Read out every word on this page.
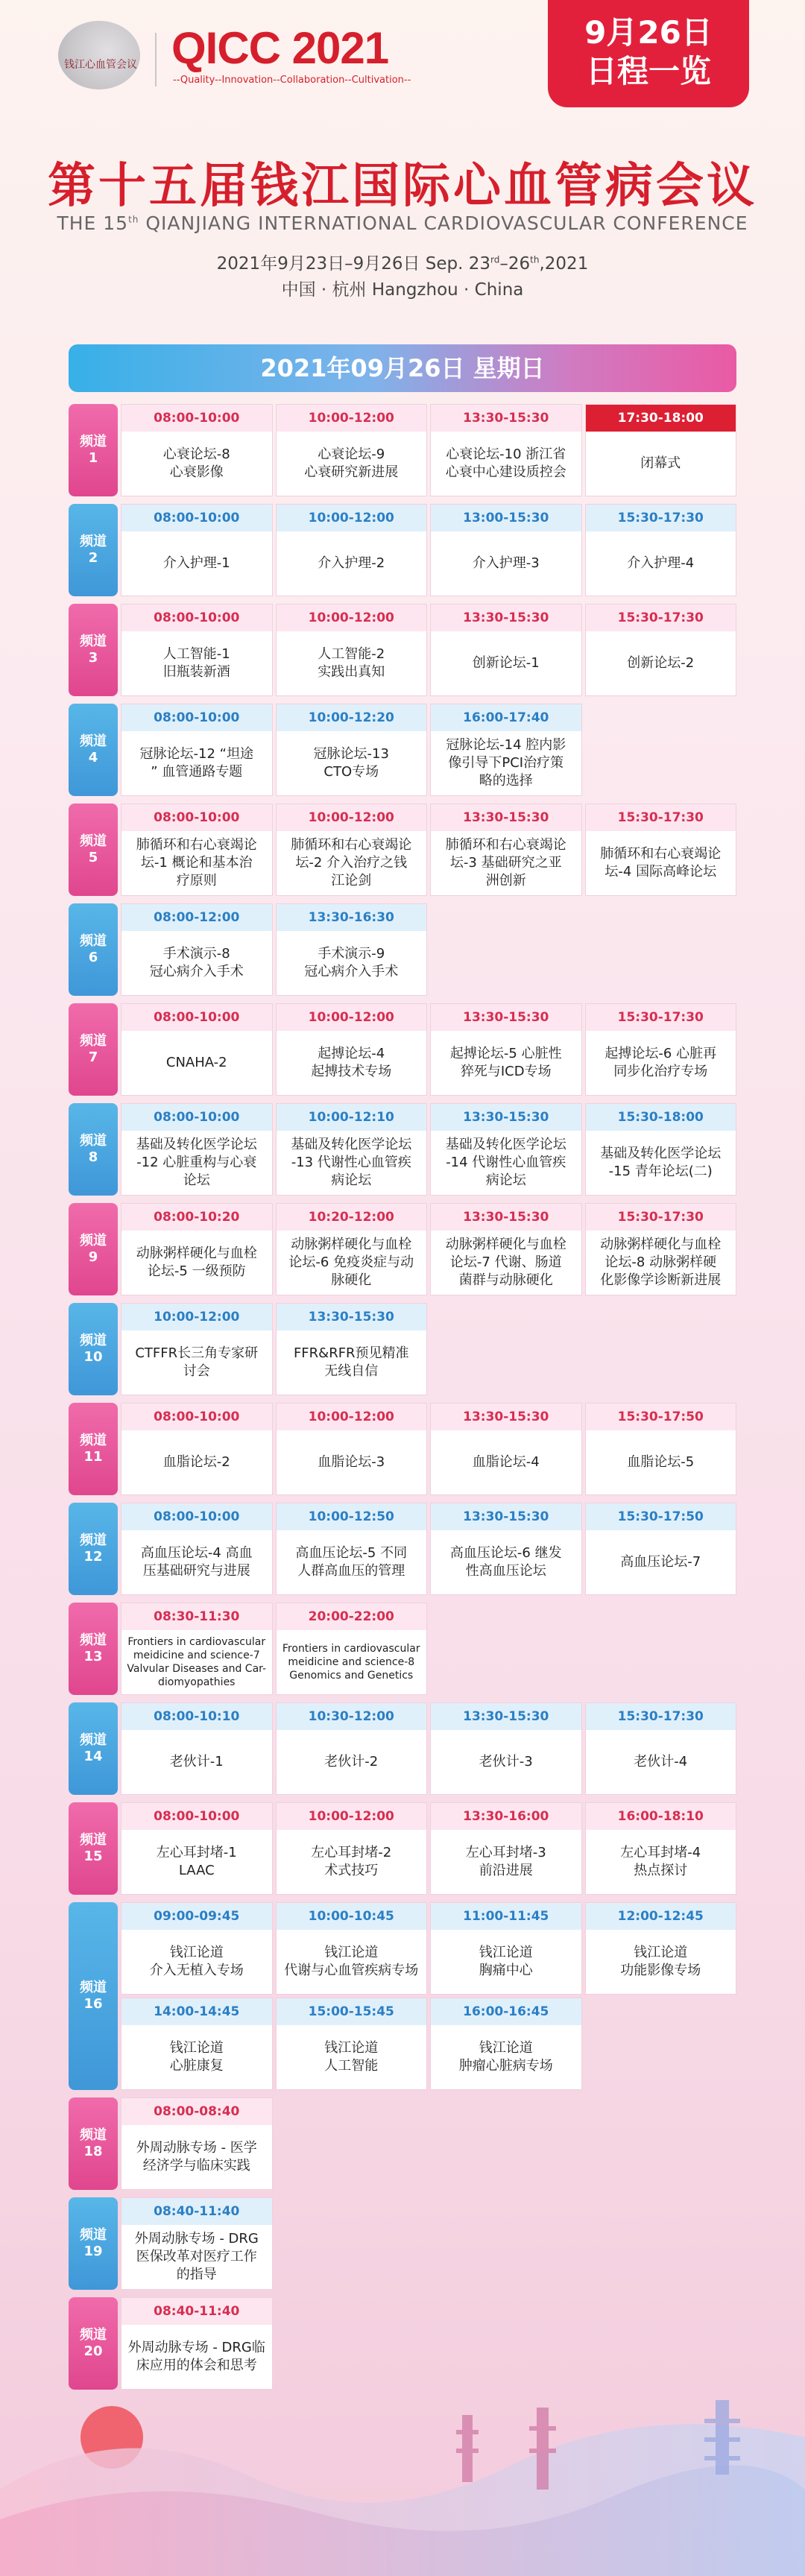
钱江心血管会议 QICC 2021
--Quality--Innovation--Collaboration--Cultivation--
9月26日
日程一览
第十五届钱江国际心血管病会议
THE 15th QIANJIANG INTERNATIONAL CARDIOVASCULAR CONFERENCE
2021年9月23日–9月26日 Sep. 23rd–26th,2021
中国 · 杭州 Hangzhou · China
2021年09月26日 星期日
频道
1
08:00-10:00
心衰论坛-8
心衰影像
10:00-12:00
心衰论坛-9
心衰研究新进展
13:30-15:30
心衰论坛-10 浙江省
心衰中心建设质控会
17:30-18:00
闭幕式
频道
2
08:00-10:00
介入护理-1
10:00-12:00
介入护理-2
13:00-15:30
介入护理-3
15:30-17:30
介入护理-4
频道
3
08:00-10:00
人工智能-1
旧瓶装新酒
10:00-12:00
人工智能-2
实践出真知
13:30-15:30
创新论坛-1
15:30-17:30
创新论坛-2
频道
4
08:00-10:00
冠脉论坛-12 “坦途
” 血管通路专题
10:00-12:20
冠脉论坛-13
CTO专场
16:00-17:40
冠脉论坛-14 腔内影
像引导下PCI治疗策
略的选择
频道
5
08:00-10:00
肺循环和右心衰竭论
坛-1 概论和基本治
疗原则
10:00-12:00
肺循环和右心衰竭论
坛-2 介入治疗之钱
江论剑
13:30-15:30
肺循环和右心衰竭论
坛-3 基础研究之亚
洲创新
15:30-17:30
肺循环和右心衰竭论
坛-4 国际高峰论坛
频道
6
08:00-12:00
手术演示-8
冠心病介入手术
13:30-16:30
手术演示-9
冠心病介入手术
频道
7
08:00-10:00
CNAHA-2
10:00-12:00
起搏论坛-4
起搏技术专场
13:30-15:30
起搏论坛-5 心脏性
猝死与ICD专场
15:30-17:30
起搏论坛-6 心脏再
同步化治疗专场
频道
8
08:00-10:00
基础及转化医学论坛
-12 心脏重构与心衰
论坛
10:00-12:10
基础及转化医学论坛
-13 代谢性心血管疾
病论坛
13:30-15:30
基础及转化医学论坛
-14 代谢性心血管疾
病论坛
15:30-18:00
基础及转化医学论坛
-15 青年论坛(二)
频道
9
08:00-10:20
动脉粥样硬化与血栓
论坛-5 一级预防
10:20-12:00
动脉粥样硬化与血栓
论坛-6 免疫炎症与动
脉硬化
13:30-15:30
动脉粥样硬化与血栓
论坛-7 代谢、肠道
菌群与动脉硬化
15:30-17:30
动脉粥样硬化与血栓
论坛-8 动脉粥样硬
化影像学诊断新进展
频道
10
10:00-12:00
CTFFR长三角专家研
讨会
13:30-15:30
FFR&RFR预见精准
无线自信
频道
11
08:00-10:00
血脂论坛-2
10:00-12:00
血脂论坛-3
13:30-15:30
血脂论坛-4
15:30-17:50
血脂论坛-5
频道
12
08:00-10:00
高血压论坛-4 高血
压基础研究与进展
10:00-12:50
高血压论坛-5 不同
人群高血压的管理
13:30-15:30
高血压论坛-6 继发
性高血压论坛
15:30-17:50
高血压论坛-7
频道
13
08:30-11:30
Frontiers in cardiovascular
meidicine and science-7
Valvular Diseases and Car-
diomyopathies
20:00-22:00
Frontiers in cardiovascular
meidicine and science-8
Genomics and Genetics
频道
14
08:00-10:10
老伙计-1
10:30-12:00
老伙计-2
13:30-15:30
老伙计-3
15:30-17:30
老伙计-4
频道
15
08:00-10:00
左心耳封堵-1
LAAC
10:00-12:00
左心耳封堵-2
术式技巧
13:30-16:00
左心耳封堵-3
前沿进展
16:00-18:10
左心耳封堵-4
热点探讨
频道
16
09:00-09:45
钱江论道
介入无植入专场
10:00-10:45
钱江论道
代谢与心血管疾病专场
11:00-11:45
钱江论道
胸痛中心
12:00-12:45
钱江论道
功能影像专场
14:00-14:45
钱江论道
心脏康复
15:00-15:45
钱江论道
人工智能
16:00-16:45
钱江论道
肿瘤心脏病专场
频道
18
08:00-08:40
外周动脉专场 - 医学
经济学与临床实践
频道
19
08:40-11:40
外周动脉专场 - DRG
医保改革对医疗工作
的指导
频道
20
08:40-11:40
外周动脉专场 - DRG临
床应用的体会和思考
